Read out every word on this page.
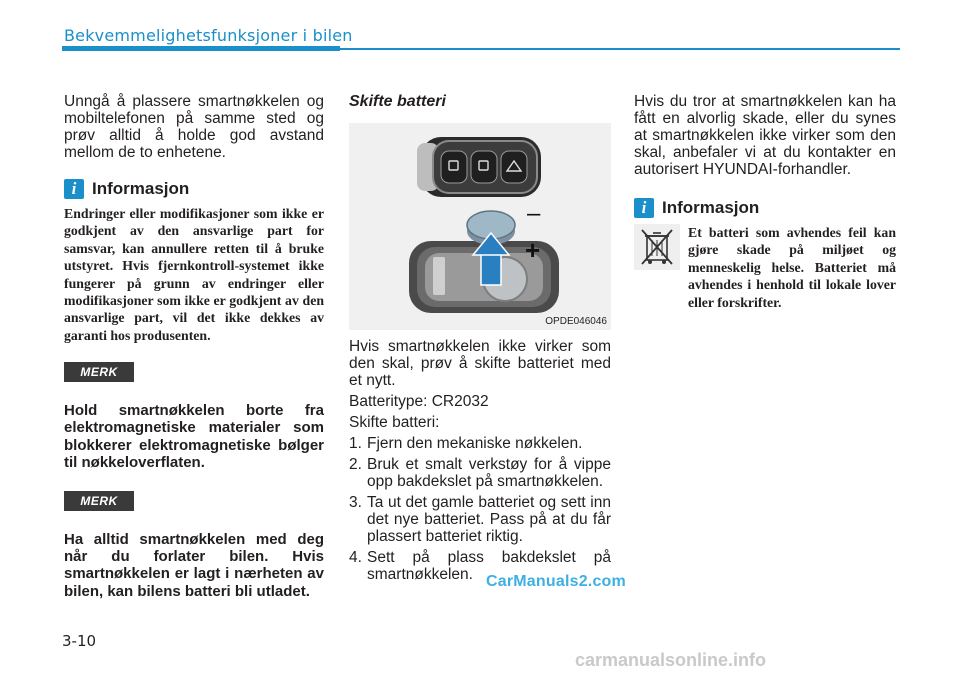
Bekvemmelighetsfunksjoner i bilen

Unngå å plassere smartnøkkelen og mobiltelefonen på samme sted og prøv alltid å holde god avstand mellom de to enhetene.

i Informasjon

Endringer eller modifikasjoner som ikke er godkjent av den ansvarlige part for samsvar, kan annullere retten til å bruke utstyret. Hvis fjernkontroll-systemet ikke fungerer på grunn av endringer eller modifikasjoner som ikke er godkjent av den ansvarlige part, vil det ikke dekkes av garanti hos produsenten.

MERK

Hold smartnøkkelen borte fra elektromagnetiske materialer som blokkerer elektromagnetiske bølger til nøkkeloverflaten.

MERK

Ha alltid smartnøkkelen med deg når du forlater bilen. Hvis smartnøkkelen er lagt i nærheten av bilen, kan bilens batteri bli utladet.

Skifte batteri
–
+
OPDE046046

Hvis smartnøkkelen ikke virker som den skal, prøv å skifte batteriet med et nytt.

Batteritype: CR2032

Skifte batteri:

1. Fjern den mekaniske nøkkelen.
2. Bruk et smalt verkstøy for å vippe opp bakdekslet på smartnøkkelen.
3. Ta ut det gamle batteriet og sett inn det nye batteriet. Pass på at du får plassert batteriet riktig.
4. Sett på plass bakdekslet på smartnøkkelen.

Hvis du tror at smartnøkkelen kan ha fått en alvorlig skade, eller du synes at smartnøkkelen ikke virker som den skal, anbefaler vi at du kontakter en autorisert HYUNDAI-forhandler.

i Informasjon

Et batteri som avhendes feil kan gjøre skade på miljøet og menneskelig helse. Batteriet må avhendes i henhold til lokale lover eller forskrifter.

3-10
CarManuals2.com
carmanualsonline.info
